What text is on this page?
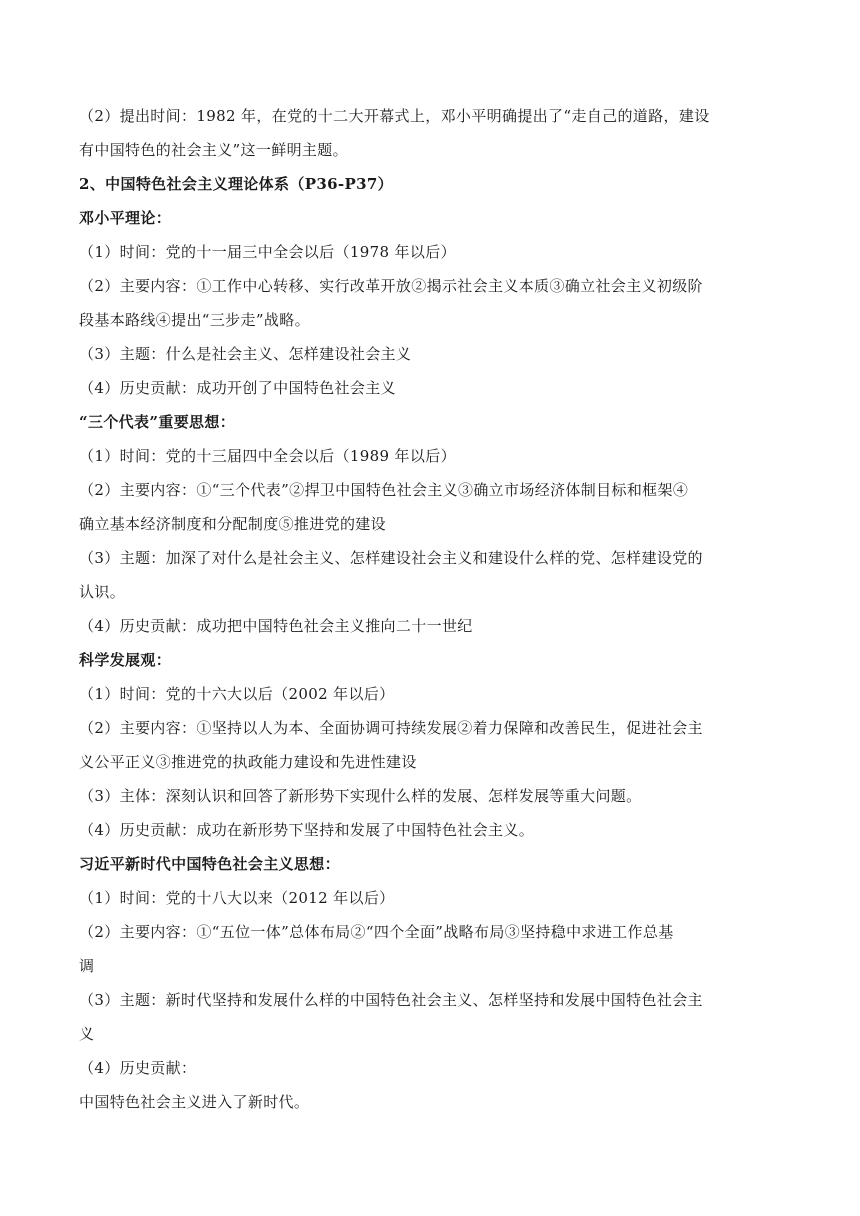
（2）提出时间：1982 年，在党的十二大开幕式上，邓小平明确提出了“走自己的道路，建设
有中国特色的社会主义”这一鲜明主题。
2、中国特色社会主义理论体系（P36-P37）
邓小平理论：
（1）时间：党的十一届三中全会以后（1978 年以后）
（2）主要内容：①工作中心转移、实行改革开放②揭示社会主义本质③确立社会主义初级阶
段基本路线④提出“三步走”战略。
（3）主题：什么是社会主义、怎样建设社会主义
（4）历史贡献：成功开创了中国特色社会主义
“三个代表”重要思想：
（1）时间：党的十三届四中全会以后（1989 年以后）
（2）主要内容：①“三个代表”②捍卫中国特色社会主义③确立市场经济体制目标和框架④
确立基本经济制度和分配制度⑤推进党的建设
（3）主题：加深了对什么是社会主义、怎样建设社会主义和建设什么样的党、怎样建设党的
认识。
（4）历史贡献：成功把中国特色社会主义推向二十一世纪
科学发展观：
（1）时间：党的十六大以后（2002 年以后）
（2）主要内容：①坚持以人为本、全面协调可持续发展②着力保障和改善民生，促进社会主
义公平正义③推进党的执政能力建设和先进性建设
（3）主体：深刻认识和回答了新形势下实现什么样的发展、怎样发展等重大问题。
（4）历史贡献：成功在新形势下坚持和发展了中国特色社会主义。
习近平新时代中国特色社会主义思想：
（1）时间：党的十八大以来（2012 年以后）
（2）主要内容：①“五位一体”总体布局②“四个全面”战略布局③坚持稳中求进工作总基
调
（3）主题：新时代坚持和发展什么样的中国特色社会主义、怎样坚持和发展中国特色社会主
义
（4）历史贡献：
中国特色社会主义进入了新时代。
